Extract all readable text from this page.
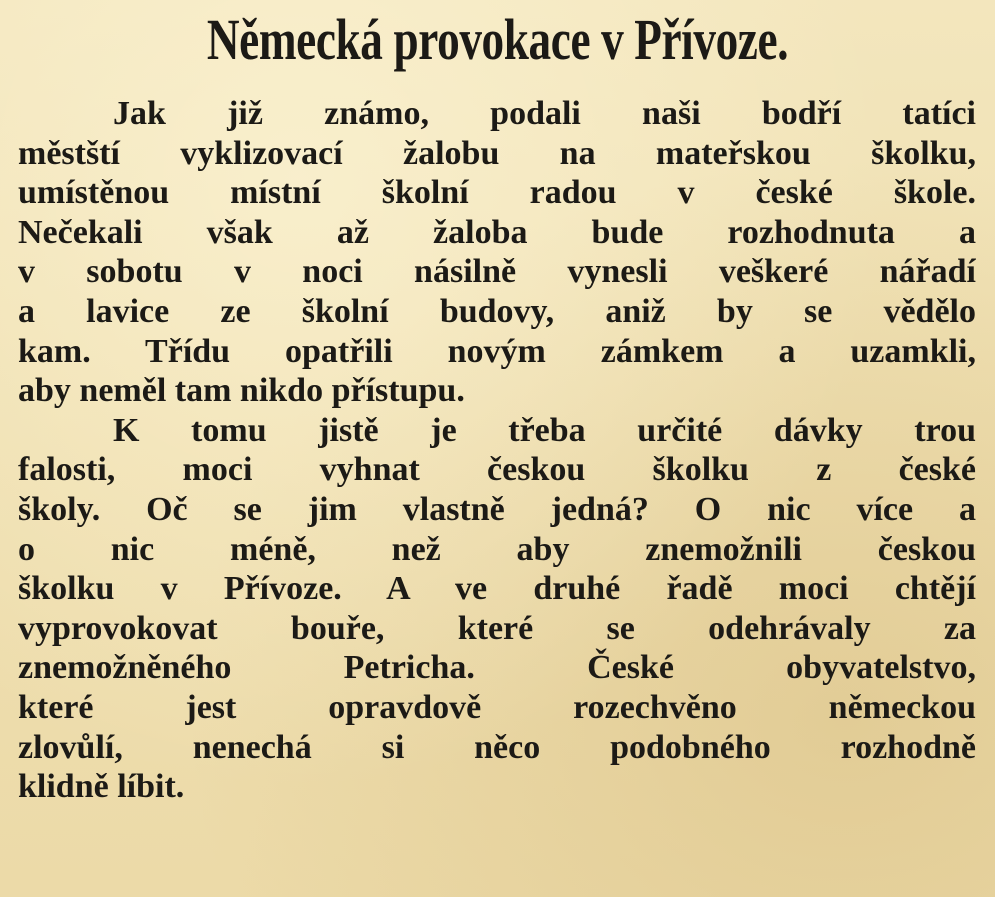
Německá provokace v Přívoze.
Jak již známo, podali naši bodří tatíci
městští vyklizovací žalobu na mateřskou školku,
umístěnou místní školní radou v české škole.
Nečekali však až žaloba bude rozhodnuta a
v sobotu v noci násilně vynesli veškeré nářadí
a lavice ze školní budovy, aniž by se vědělo
kam. Třídu opatřili novým zámkem a uzamkli,
aby neměl tam nikdo přístupu.
K tomu jistě je třeba určité dávky trou
falosti, moci vyhnat českou školku z české
školy. Oč se jim vlastně jedná? O nic více a
o nic méně, než aby znemožnili českou
školku v Přívoze. A ve druhé řadě moci chtějí
vyprovokovat bouře, které se odehrávaly za
znemožněného Petricha. České obyvatelstvo,
které jest opravdově rozechvěno německou
zlovůlí, nenechá si něco podobného rozhodně
klidně líbit.
